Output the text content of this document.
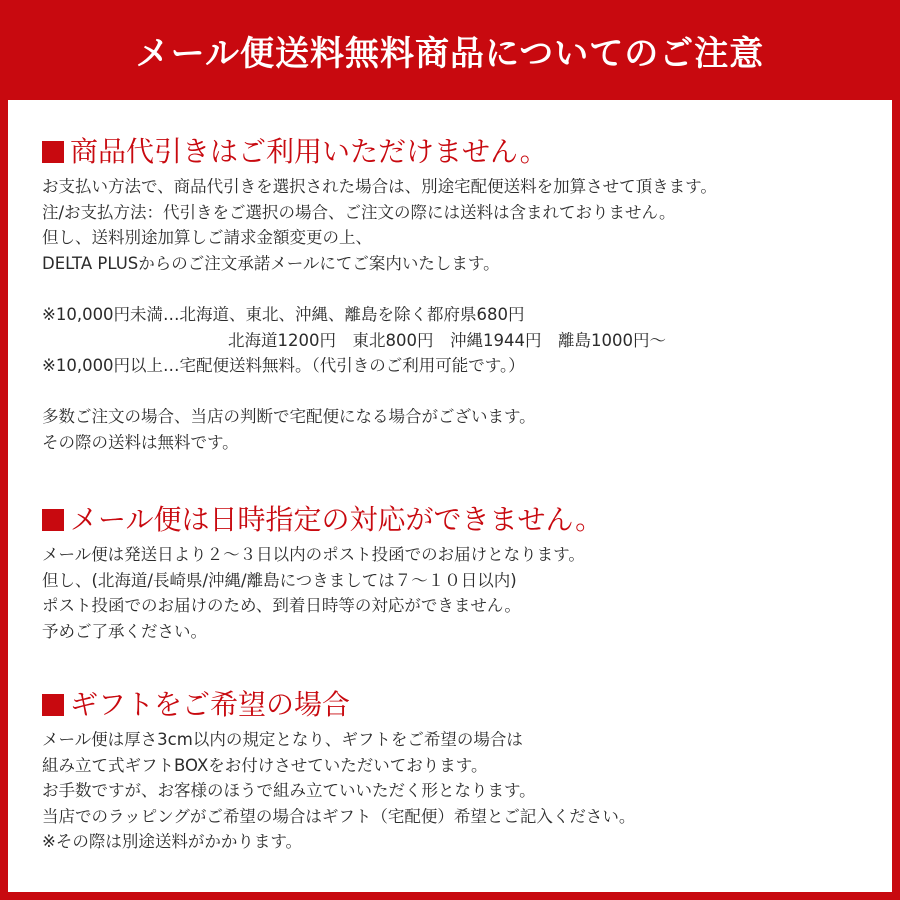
メール便送料無料商品についてのご注意
商品代引きはご利用いただけません。
お支払い方法で、商品代引きを選択された場合は、別途宅配便送料を加算させて頂きます。
注/お支払方法：代引きをご選択の場合、ご注文の際には送料は含まれておりません。
但し、送料別途加算しご請求金額変更の上、
DELTA PLUSからのご注文承諾メールにてご案内いたします。
※10,000円未満…北海道、東北、沖縄、離島を除く都府県680円
北海道1200円　東北800円　沖縄1944円　離島1000円～
※10,000円以上…宅配便送料無料。（代引きのご利用可能です。）
多数ご注文の場合、当店の判断で宅配便になる場合がございます。
その際の送料は無料です。
メール便は日時指定の対応ができません。
メール便は発送日より２～３日以内のポスト投函でのお届けとなります。
但し、(北海道/長崎県/沖縄/離島につきましては７～１０日以内)
ポスト投函でのお届けのため、到着日時等の対応ができません。
予めご了承ください。
ギフトをご希望の場合
メール便は厚さ3cm以内の規定となり、ギフトをご希望の場合は
組み立て式ギフトBOXをお付けさせていただいております。
お手数ですが、お客様のほうで組み立ていいただく形となります。
当店でのラッピングがご希望の場合はギフト（宅配便）希望とご記入ください。
※その際は別途送料がかかります。
